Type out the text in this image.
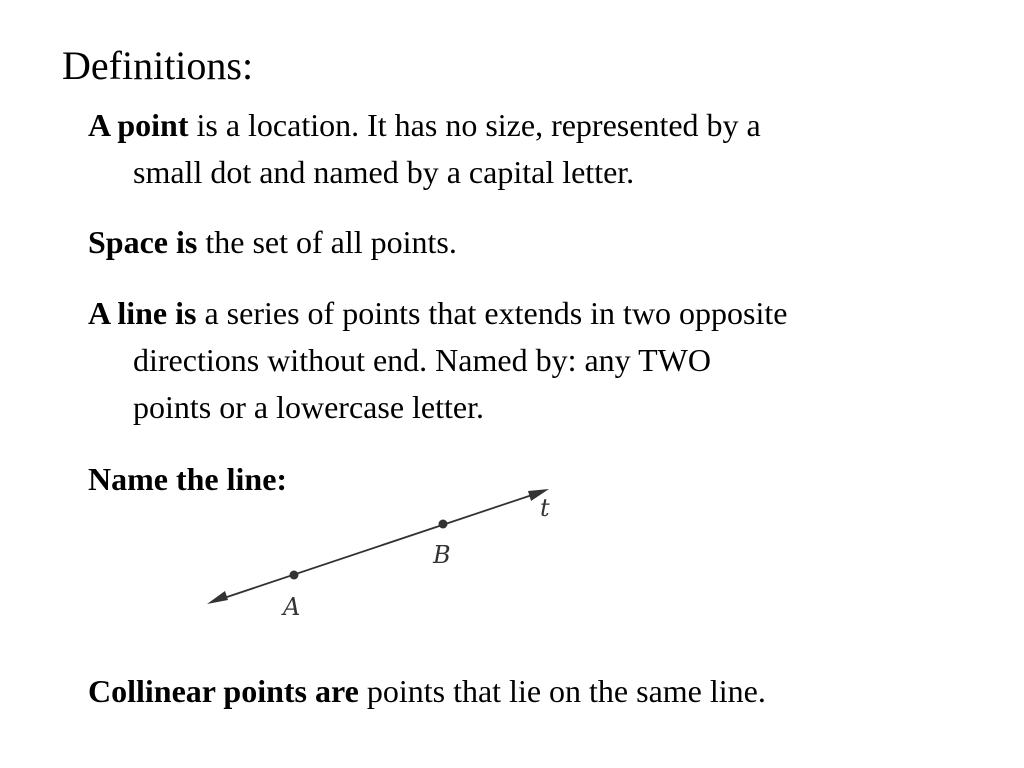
Definitions:
A point is a location. It has no size, represented by a
small dot and named by a capital letter.
Space is the set of all points.
A line is a series of points that extends in two opposite
directions without end. Named by: any TWO
points or a lowercase letter.
Name the line:
A
B
t
Collinear points are points that lie on the same line.
